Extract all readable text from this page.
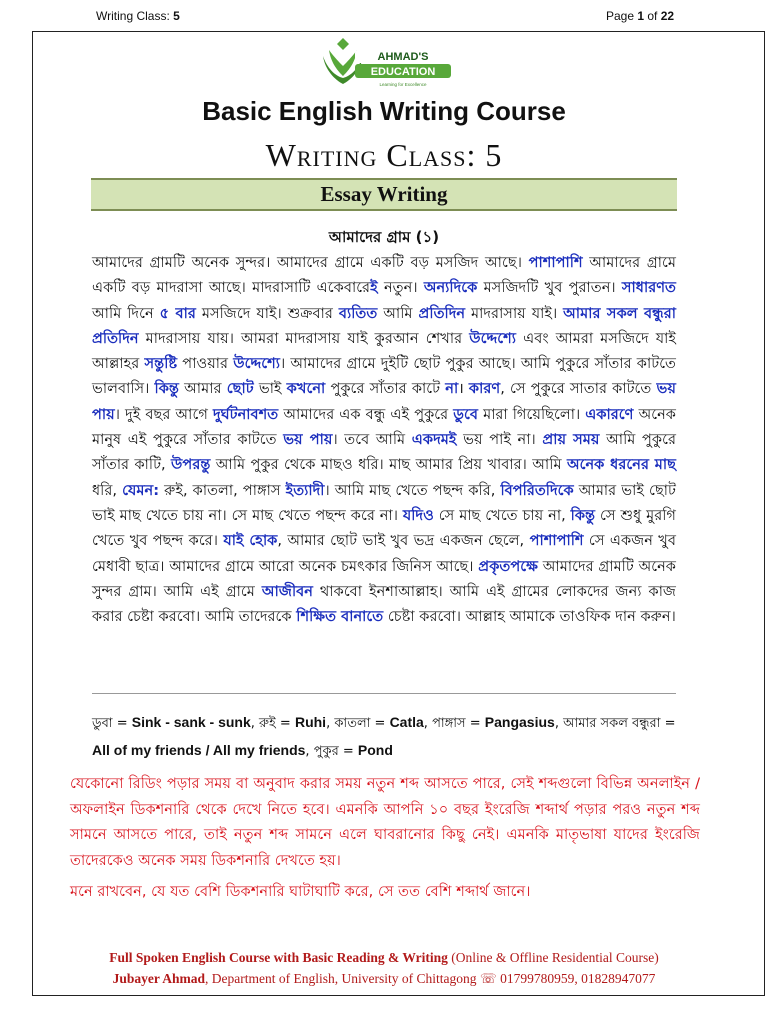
Writing Class: 5	Page 1 of 22
AHMAD'S
EDUCATION
Learning for Excellence
Basic English Writing Course
Writing Class: 5
Essay Writing
আমাদের গ্রাম (১)
আমাদের গ্রামটি অনেক সুন্দর। আমাদের গ্রামে একটি বড় মসজিদ আছে। পাশাপাশি আমাদের গ্রামে একটি বড় মাদরাসা আছে। মাদরাসাটি একেবারেই নতুন। অন্যদিকে মসজিদটি খুব পুরাতন। সাধারণত আমি দিনে ৫ বার মসজিদে যাই। শুক্রবার ব্যতিত আমি প্রতিদিন মাদরাসায় যাই। আমার সকল বন্ধুরা প্রতিদিন মাদরাসায় যায়। আমরা মাদরাসায় যাই কুরআন শেখার উদ্দেশ্যে এবং আমরা মসজিদে যাই আল্লাহর সন্তুষ্টি পাওয়ার উদ্দেশ্যে। আমাদের গ্রামে দুইটি ছোট পুকুর আছে। আমি পুকুরে সাঁতার কাটতে ভালবাসি। কিন্তু আমার ছোট ভাই কখনো পুকুরে সাঁতার কাটে না। কারণ, সে পুকুরে সাতার কাটতে ভয় পায়। দুই বছর আগে দুর্ঘটনাবশত আমাদের এক বন্ধু এই পুকুরে ডুবে মারা গিয়েছিলো। একারণে অনেক মানুষ এই পুকুরে সাঁতার কাটতে ভয় পায়। তবে আমি একদমই ভয় পাই না। প্রায় সময় আমি পুকুরে সাঁতার কাটি, উপরন্তু আমি পুকুর থেকে মাছও ধরি। মাছ আমার প্রিয় খাবার। আমি অনেক ধরনের মাছ ধরি, যেমন: রুই, কাতলা, পাঙ্গাস ইত্যাদী। আমি মাছ খেতে পছন্দ করি, বিপরিতদিকে আমার ভাই ছোট ভাই মাছ খেতে চায় না। সে মাছ খেতে পছন্দ করে না। যদিও সে মাছ খেতে চায় না, কিন্তু সে শুধু মুরগি খেতে খুব পছন্দ করে। যাই হোক, আমার ছোট ভাই খুব ভদ্র একজন ছেলে, পাশাপাশি সে একজন খুব মেধাবী ছাত্র। আমাদের গ্রামে আরো অনেক চমৎকার জিনিস আছে। প্রকৃতপক্ষে আমাদের গ্রামটি অনেক সুন্দর গ্রাম। আমি এই গ্রামে আজীবন থাকবো ইনশাআল্লাহ। আমি এই গ্রামের লোকদের জন্য কাজ করার চেষ্টা করবো। আমি তাদেরকে শিক্ষিত বানাতে চেষ্টা করবো। আল্লাহ আমাকে তাওফিক দান করুন।
ডুবা = Sink - sank - sunk, রুই = Ruhi, কাতলা = Catla, পাঙ্গাস = Pangasius, আমার সকল বন্ধুরা = All of my friends / All my friends, পুকুর = Pond
যেকোনো রিডিং পড়ার সময় বা অনুবাদ করার সময় নতুন শব্দ আসতে পারে, সেই শব্দগুলো বিভিন্ন অনলাইন / অফলাইন ডিকশনারি থেকে দেখে নিতে হবে। এমনকি আপনি ১০ বছর ইংরেজি শব্দার্থ পড়ার পরও নতুন শব্দ সামনে আসতে পারে, তাই নতুন শব্দ সামনে এলে ঘাবরানোর কিছু নেই। এমনকি মাতৃভাষা যাদের ইংরেজি তাদেরকেও অনেক সময় ডিকশনারি দেখতে হয়।
মনে রাখবেন, যে যত বেশি ডিকশনারি ঘাটাঘাটি করে, সে তত বেশি শব্দার্থ জানে।
Full Spoken English Course with Basic Reading & Writing (Online & Offline Residential Course)
Jubayer Ahmad, Department of English, University of Chittagong ☏ 01799780959, 01828947077
